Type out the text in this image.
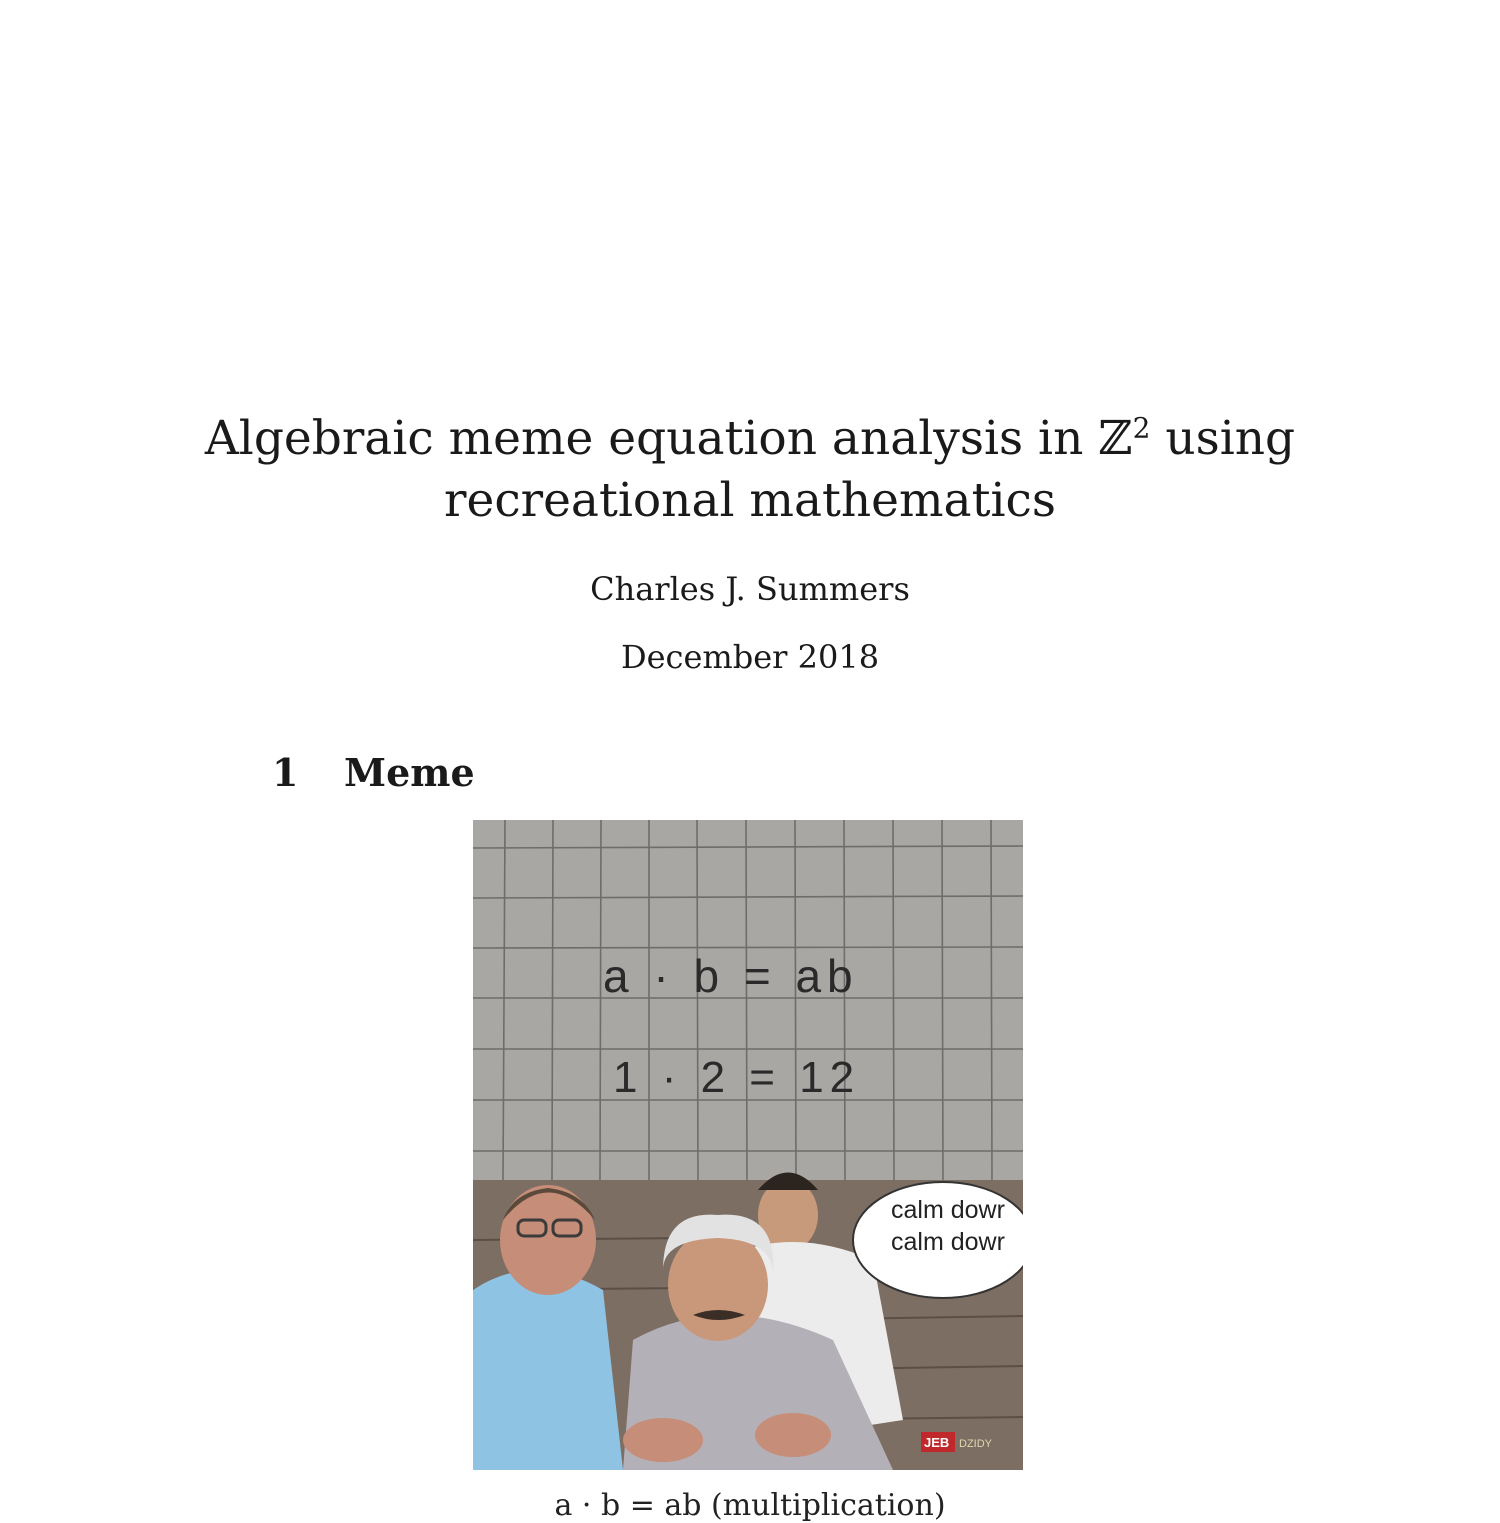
Algebraic meme equation analysis in ℤ$^2$ using
recreational mathematics
Charles J. Summers
December 2018
1 Meme
a · b = ab
1 · 2 = 12
calm dowr
calm dowr
JEB DZIDY
a · b = ab (multiplication)
